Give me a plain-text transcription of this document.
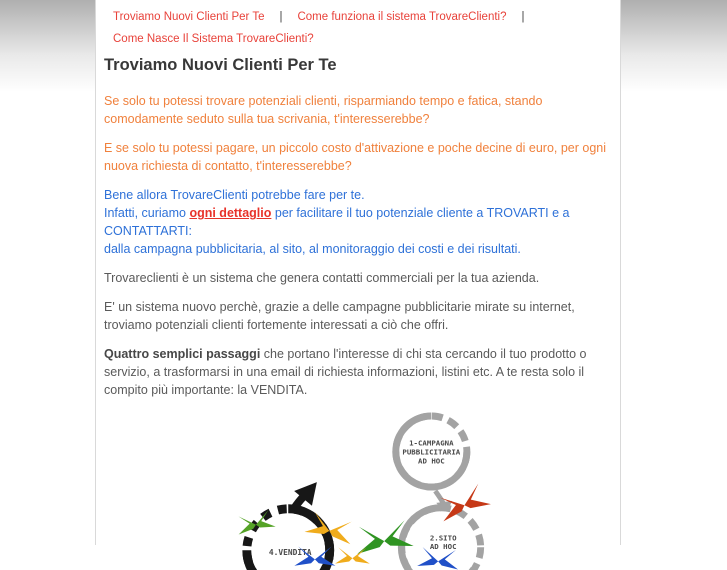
Troviamo Nuovi Clienti Per Te | Come funziona il sistema TrovareClienti? |
Come Nasce Il Sistema TrovareClienti?
Troviamo Nuovi Clienti Per Te

Se solo tu potessi trovare potenziali clienti, risparmiando tempo e fatica, stando comodamente seduto sulla tua scrivania, t'interesserebbe?

E se solo tu potessi pagare, un piccolo costo d'attivazione e poche decine di euro, per ogni nuova richiesta di contatto, t'interesserebbe?

Bene allora TrovareClienti potrebbe fare per te.
Infatti, curiamo ogni dettaglio per facilitare il tuo potenziale cliente a TROVARTI e a CONTATTARTI:
dalla campagna pubblicitaria, al sito, al monitoraggio dei costi e dei risultati.

Trovareclienti è un sistema che genera contatti commerciali per la tua azienda.

E' un sistema nuovo perchè, grazie a delle campagne pubblicitarie mirate su internet, troviamo potenziali clienti fortemente interessati a ciò che offri.

Quattro semplici passaggi che portano l'interesse di chi sta cercando il tuo prodotto o servizio, a trasformarsi in una email di richiesta informazioni, listini etc. A te resta solo il compito più importante: la VENDITA.

1-CAMPAGNA PUBBLICITARIA AD HOC
2.SITO AD HOC
4.VENDITA
